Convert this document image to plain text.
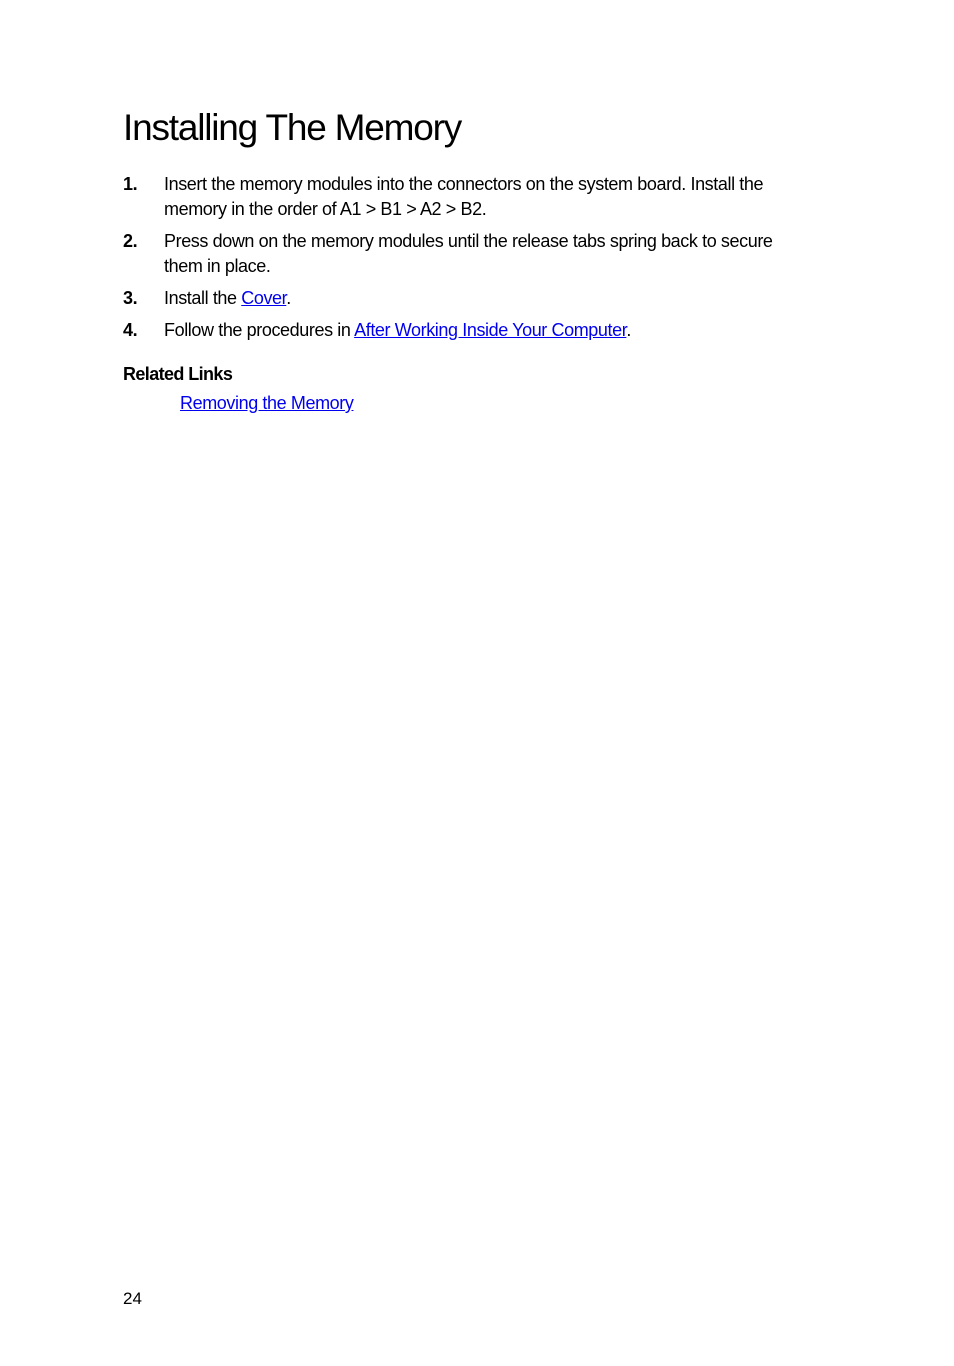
Installing The Memory
1. Insert the memory modules into the connectors on the system board. Install the
memory in the order of A1 > B1 > A2 > B2.
2. Press down on the memory modules until the release tabs spring back to secure
them in place.
3. Install the Cover.
4. Follow the procedures in After Working Inside Your Computer.
Related Links
Removing the Memory
24
